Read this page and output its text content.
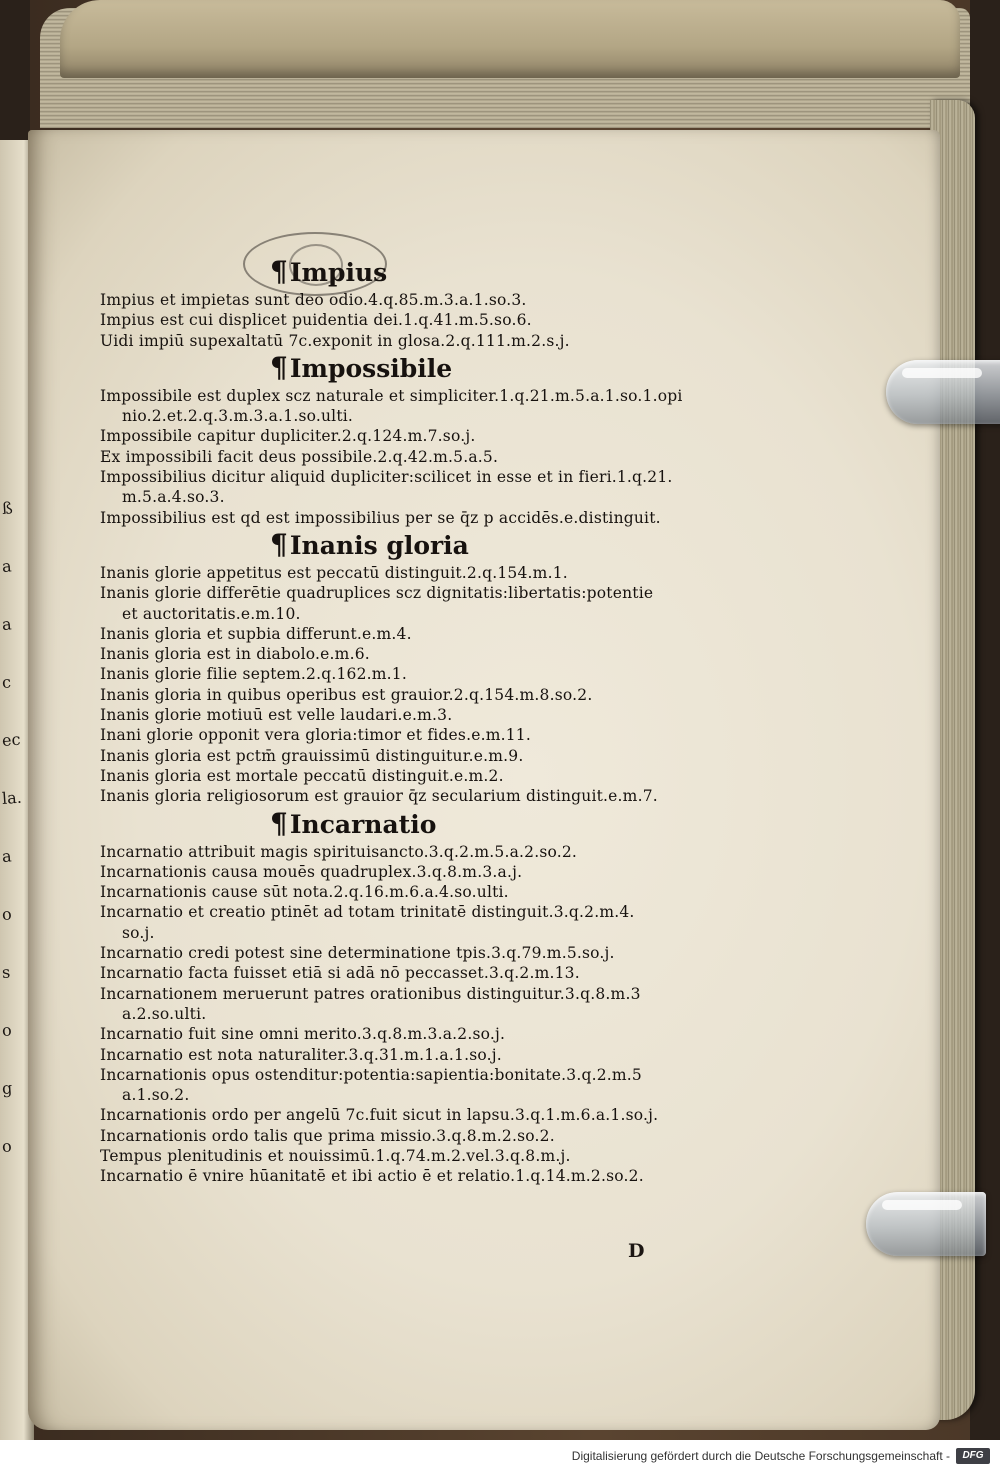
ß
a
a
c
ec
la.
a
o
s
o
g
o
¶Impius
Impius et impietas sunt deo odio.4.q.85.m.3.a.1.so.3.
Impius est cui displicet puidentia dei.1.q.41.m.5.so.6.
Uidi impiū supexaltatū 7c.exponit in glosa.2.q.111.m.2.s.j.
¶Impossibile
Impossibile est duplex scz naturale et simpliciter.1.q.21.m.5.a.1.so.1.opi
nio.2.et.2.q.3.m.3.a.1.so.ulti.
Impossibile capitur dupliciter.2.q.124.m.7.so.j.
Ex impossibili facit deus possibile.2.q.42.m.5.a.5.
Impossibilius dicitur aliquid dupliciter:scilicet in esse et in fieri.1.q.21.
m.5.a.4.so.3.
Impossibilius est qd est impossibilius per se q̄z p accidēs.e.distinguit.
¶Inanis gloria
Inanis glorie appetitus est peccatū distinguit.2.q.154.m.1.
Inanis glorie differētie quadruplices scz dignitatis:libertatis:potentie
et auctoritatis.e.m.10.
Inanis gloria et supbia differunt.e.m.4.
Inanis gloria est in diabolo.e.m.6.
Inanis glorie filie septem.2.q.162.m.1.
Inanis gloria in quibus operibus est grauior.2.q.154.m.8.so.2.
Inanis glorie motiuū est velle laudari.e.m.3.
Inani glorie opponit vera gloria:timor et fides.e.m.11.
Inanis gloria est pctm̄ grauissimū distinguitur.e.m.9.
Inanis gloria est mortale peccatū distinguit.e.m.2.
Inanis gloria religiosorum est grauior q̄z secularium distinguit.e.m.7.
¶Incarnatio
Incarnatio attribuit magis spirituisancto.3.q.2.m.5.a.2.so.2.
Incarnationis causa mouēs quadruplex.3.q.8.m.3.a.j.
Incarnationis cause sūt nota.2.q.16.m.6.a.4.so.ulti.
Incarnatio et creatio ptinēt ad totam trinitatē distinguit.3.q.2.m.4.
so.j.
Incarnatio credi potest sine determinatione tpis.3.q.79.m.5.so.j.
Incarnatio facta fuisset etiā si adā nō peccasset.3.q.2.m.13.
Incarnationem meruerunt patres orationibus distinguitur.3.q.8.m.3
a.2.so.ulti.
Incarnatio fuit sine omni merito.3.q.8.m.3.a.2.so.j.
Incarnatio est nota naturaliter.3.q.31.m.1.a.1.so.j.
Incarnationis opus ostenditur:potentia:sapientia:bonitate.3.q.2.m.5
a.1.so.2.
Incarnationis ordo per angelū 7c.fuit sicut in lapsu.3.q.1.m.6.a.1.so.j.
Incarnationis ordo talis que prima missio.3.q.8.m.2.so.2.
Tempus plenitudinis et nouissimū.1.q.74.m.2.vel.3.q.8.m.j.
Incarnatio ē vnire hūanitatē et ibi actio ē et relatio.1.q.14.m.2.so.2.
D
Digitalisierung gefördert durch die Deutsche Forschungsgemeinschaft -	DFG
